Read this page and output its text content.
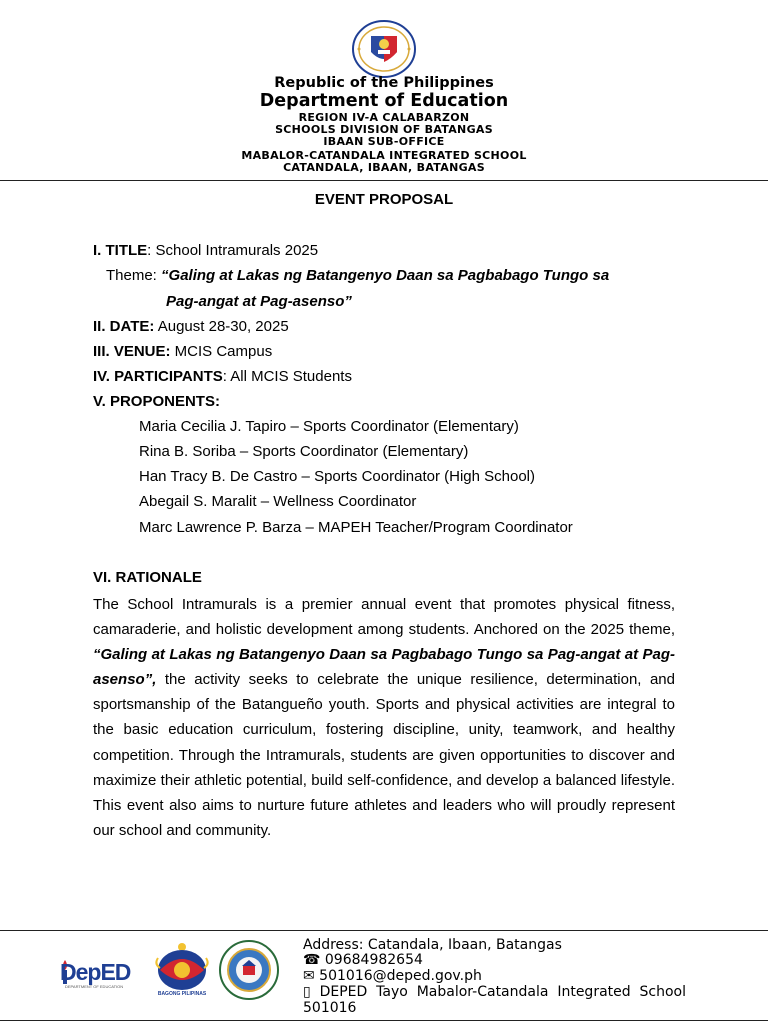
Republic of the Philippines
Department of Education
REGION IV-A CALABARZON
SCHOOLS DIVISION OF BATANGAS
IBAAN SUB-OFFICE
MABALOR-CATANDALA INTEGRATED SCHOOL
CATANDALA, IBAAN, BATANGAS
EVENT PROPOSAL
I. TITLE: School Intramurals 2025
Theme: “Galing at Lakas ng Batangenyo Daan sa Pagbabago Tungo sa
Pag-angat at Pag-asenso”
II. DATE: August 28-30, 2025
III. VENUE: MCIS Campus
IV. PARTICIPANTS: All MCIS Students
V. PROPONENTS:
Maria Cecilia J. Tapiro – Sports Coordinator (Elementary)
Rina B. Soriba – Sports Coordinator (Elementary)
Han Tracy B. De Castro – Sports Coordinator (High School)
Abegail S. Maralit – Wellness Coordinator
Marc Lawrence P. Barza – MAPEH Teacher/Program Coordinator
VI. RATIONALE
The School Intramurals is a premier annual event that promotes physical fitness, camaraderie, and holistic development among students. Anchored on the 2025 theme, “Galing at Lakas ng Batangenyo Daan sa Pagbabago Tungo sa Pag-angat at Pag-asenso”, the activity seeks to celebrate the unique resilience, determination, and sportsmanship of the Batangueño youth. Sports and physical activities are integral to the basic education curriculum, fostering discipline, unity, teamwork, and healthy competition. Through the Intramurals, students are given opportunities to discover and maximize their athletic potential, build self-confidence, and develop a balanced lifestyle. This event also aims to nurture future athletes and leaders who will proudly represent our school and community.
DepED
DEPARTMENT OF EDUCATION
BAGONG PILIPINAS
Address: Catandala, Ibaan, Batangas
☎ 09684982654
✉ 501016@deped.gov.ph
▯ DEPED Tayo Mabalor-Catandala Integrated School
501016
